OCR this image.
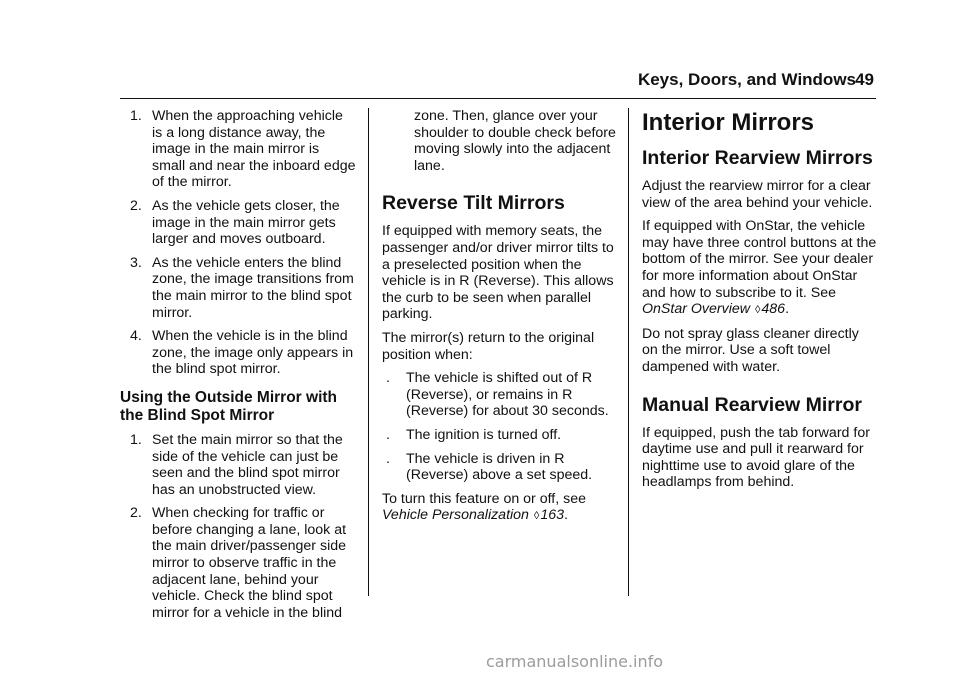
Keys, Doors, and Windows 49
1. When the approaching vehicle is a long distance away, the image in the main mirror is small and near the inboard edge of the mirror.
2. As the vehicle gets closer, the image in the main mirror gets larger and moves outboard.
3. As the vehicle enters the blind zone, the image transitions from the main mirror to the blind spot mirror.
4. When the vehicle is in the blind zone, the image only appears in the blind spot mirror.
Using the Outside Mirror with the Blind Spot Mirror
1. Set the main mirror so that the side of the vehicle can just be seen and the blind spot mirror has an unobstructed view.
2. When checking for traffic or before changing a lane, look at the main driver/passenger side mirror to observe traffic in the adjacent lane, behind your vehicle. Check the blind spot mirror for a vehicle in the blind

zone. Then, glance over your shoulder to double check before moving slowly into the adjacent lane.

Reverse Tilt Mirrors

If equipped with memory seats, the passenger and/or driver mirror tilts to a preselected position when the vehicle is in R (Reverse). This allows the curb to be seen when parallel parking.

The mirror(s) return to the original position when:

. The vehicle is shifted out of R (Reverse), or remains in R (Reverse) for about 30 seconds.
. The ignition is turned off.
. The vehicle is driven in R (Reverse) above a set speed.

To turn this feature on or off, see Vehicle Personalization ◊163.

Interior Mirrors
Interior Rearview Mirrors

Adjust the rearview mirror for a clear view of the area behind your vehicle.

If equipped with OnStar, the vehicle may have three control buttons at the bottom of the mirror. See your dealer for more information about OnStar and how to subscribe to it. See OnStar Overview ◊486.

Do not spray glass cleaner directly on the mirror. Use a soft towel dampened with water.

Manual Rearview Mirror

If equipped, push the tab forward for daytime use and pull it rearward for nighttime use to avoid glare of the headlamps from behind.

carmanualsonline.info
